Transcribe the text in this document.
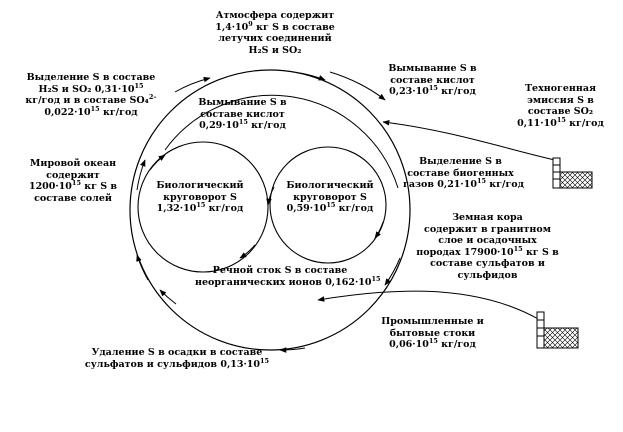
Атмосфера содержит
$1,4\cdot 10^9$ кг S в составе
летучих соединений
H₂S и SO₂
Выделение S в составе
H₂S и SO₂ $0,31\cdot 10^{15}$
кг/год и в составе SO₄$^{2-}$
$0,022\cdot 10^{15}$ кг/год
Мировой океан
содержит
$1200\cdot 10^{15}$ кг S в
составе солей
Вымывание S в
составе кислот
$0,23\cdot 10^{15}$ кг/год
Вымывание S в
составе кислот
$0,29\cdot 10^{15}$ кг/год
Техногенная
эмиссия S в
составе SO₂
$0,11\cdot 10^{15}$ кг/год
Биологический
круговорот S
$1,32\cdot 10^{15}$ кг/год
Биологический
круговорот S
$0,59\cdot 10^{15}$ кг/год
Выделение S в
составе биогенных
газов $0,21\cdot 10^{15}$ кг/год
Земная кора
содержит в гранитном
слое и осадочных
породах $17900\cdot 10^{15}$ кг S в
составе сульфатов и
сульфидов
Речной сток S в составе
неорганических ионов $0,162\cdot 10^{15}$
Промышленные и
бытовые стоки
$0,06\cdot 10^{15}$ кг/год
Удаление S в осадки в составе
сульфатов и сульфидов $0,13\cdot 10^{15}$
